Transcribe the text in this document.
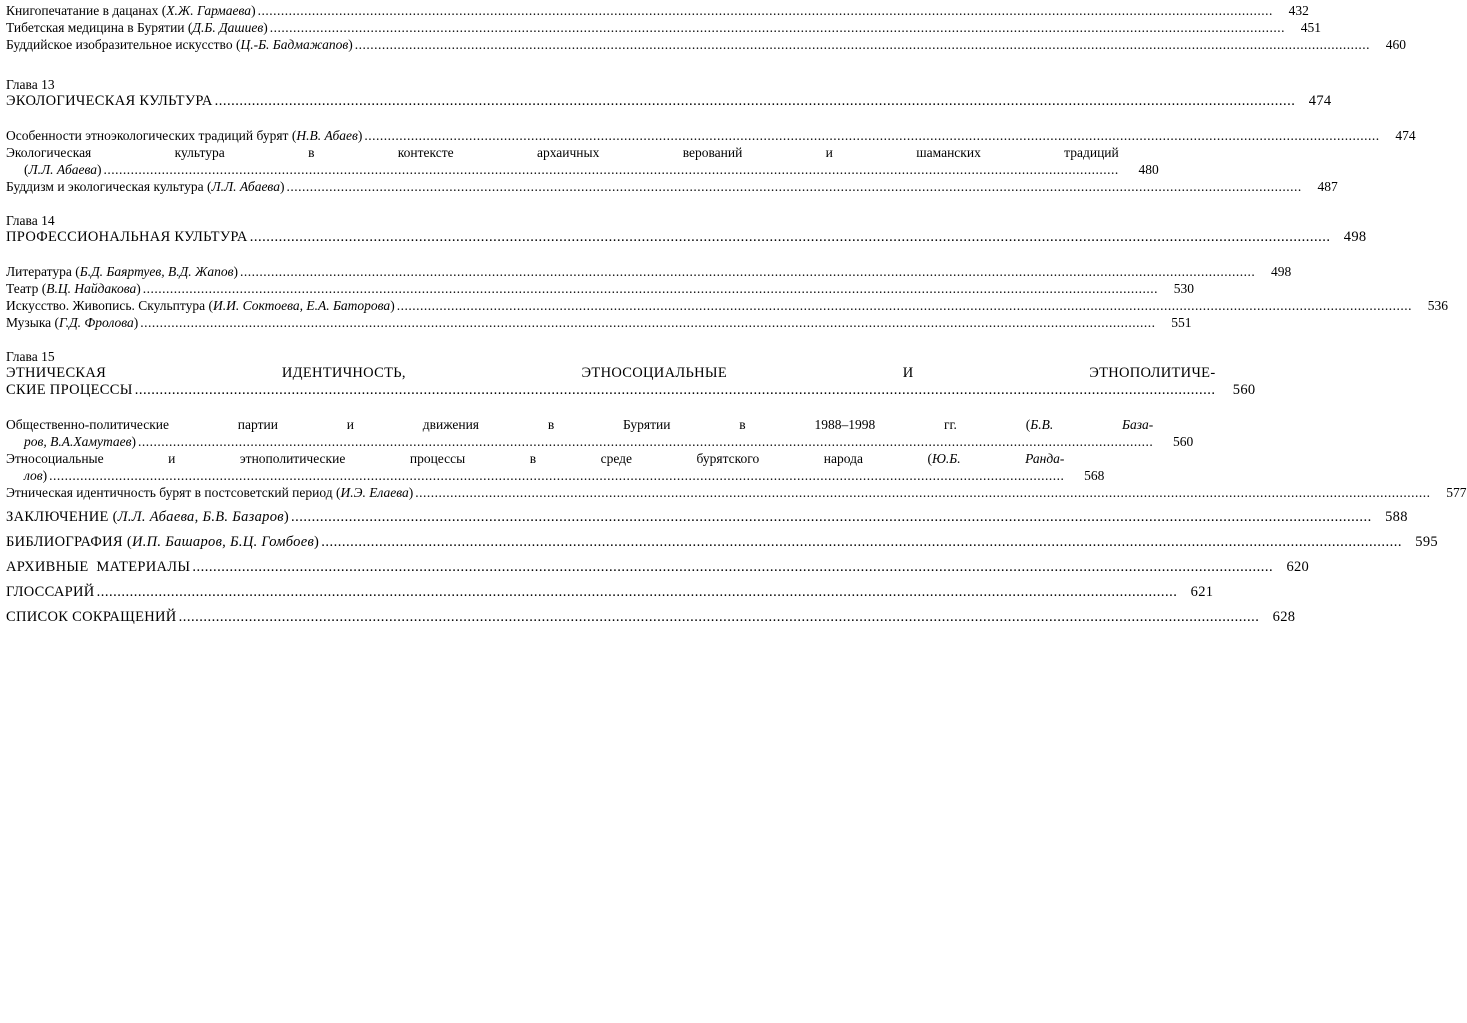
Книгопечатание в дацанах (Х.Ж. Гармаева) .....	432
Тибетская медицина в Бурятии (Д.Б. Дашиев) .....	451
Буддийское изобразительное искусство (Ц.-Б. Бадмажапов) .....	460
Глава 13
ЭКОЛОГИЧЕСКАЯ КУЛЬТУРА .....	474
Особенности этноэкологических традиций бурят (Н.В. Абаев) .....	474
Экологическая культура в контексте архаичных верований и шаманских традиций
(Л.Л. Абаева) .....	480
Буддизм и экологическая культура (Л.Л. Абаева) .....	487
Глава 14
ПРОФЕССИОНАЛЬНАЯ КУЛЬТУРА .....	498
Литература (Б.Д. Баяртуев, В.Д. Жапов) .....	498
Театр (В.Ц. Найдакова) .....	530
Искусство. Живопись. Скульптура (И.И. Соктоева, Е.А. Баторова) .....	536
Музыка (Г.Д. Фролова) .....	551
Глава 15
ЭТНИЧЕСКАЯ ИДЕНТИЧНОСТЬ, ЭТНОСОЦИАЛЬНЫЕ И ЭТНОПОЛИТИЧЕ-
СКИЕ ПРОЦЕССЫ .....	560
Общественно-политические партии и движения в Бурятии в 1988–1998 гг. (Б.В. База-
ров, В.А.Хамутаев) .....	560
Этносоциальные и этнополитические процессы в среде бурятского народа (Ю.Б. Рандa-
лов) .....	568
Этническая идентичность бурят в постсоветский период (И.Э. Елаева) .....	577
ЗАКЛЮЧЕНИЕ (Л.Л. Абаева, Б.В. Базаров) .....	588
БИБЛИОГРАФИЯ (И.П. Башаров, Б.Ц. Гомбоев) .....	595
АРХИВНЫЕ  МАТЕРИАЛЫ .....	620
ГЛОССАРИЙ .....	621
СПИСОК СОКРАЩЕНИЙ .....	628
